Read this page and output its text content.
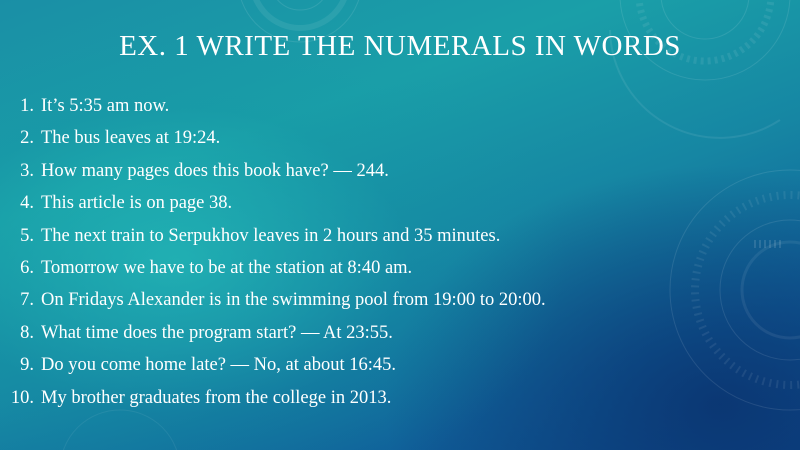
EX. 1 WRITE THE NUMERALS IN WORDS
1. It’s 5:35 am now.
2. The bus leaves at 19:24.
3. How many pages does this book have? — 244.
4. This article is on page 38.
5. The next train to Serpukhov leaves in 2 hours and 35 minutes.
6. Tomorrow we have to be at the station at 8:40 am.
7. On Fridays Alexander is in the swimming pool from 19:00 to 20:00.
8. What time does the program start? — At 23:55.
9. Do you come home late? — No, at about 16:45.
10. My brother graduates from the college in 2013.
